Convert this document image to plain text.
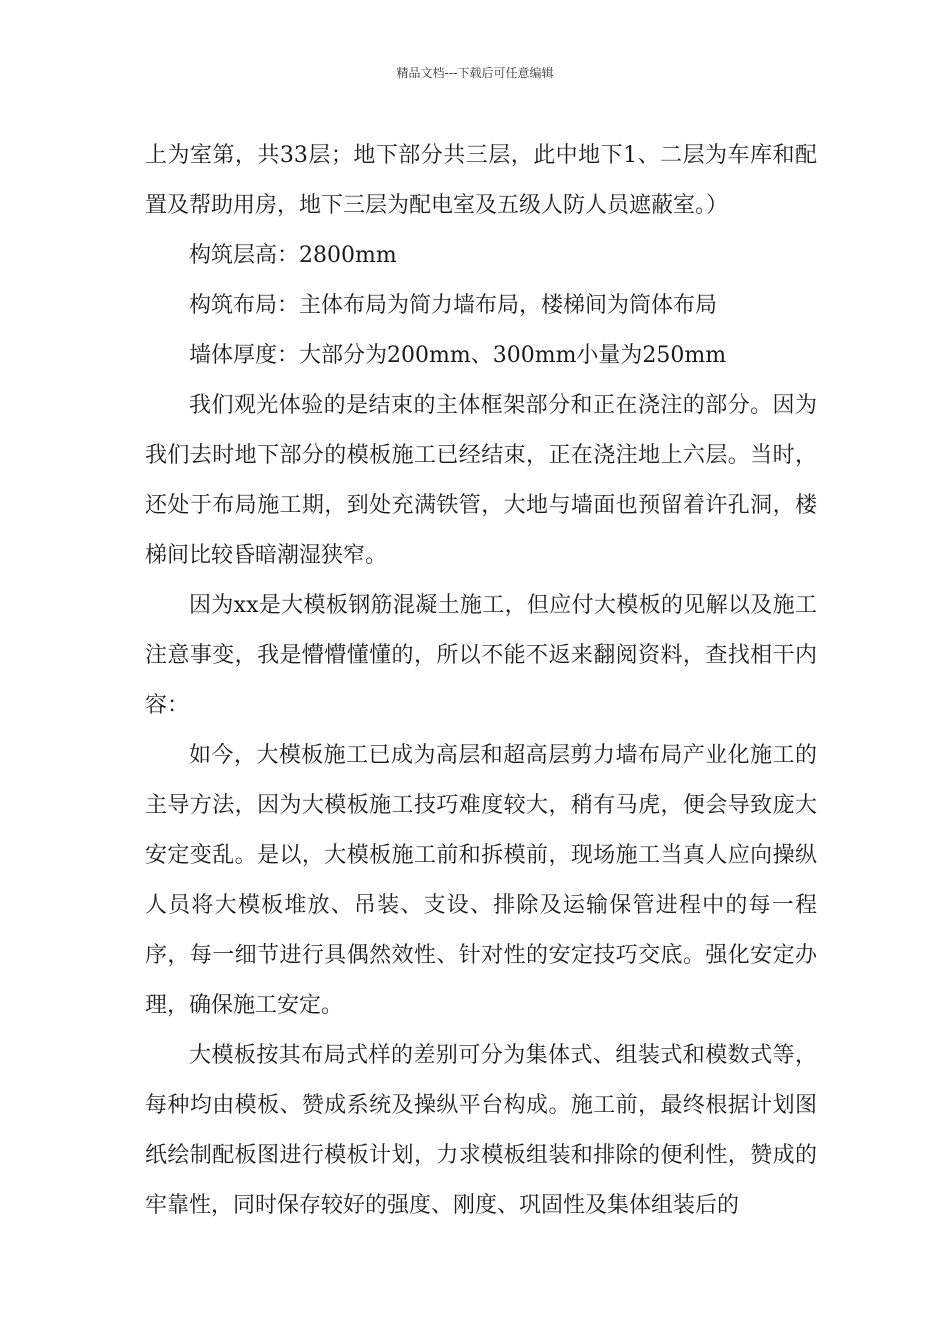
精品文档---下载后可任意编辑

上为室第，共33层；地下部分共三层，此中地下1、二层为车库和配置及帮助用房，地下三层为配电室及五级人防人员遮蔽室。）

构筑层高：2800mm

构筑布局：主体布局为简力墙布局，楼梯间为筒体布局

墙体厚度：大部分为200mm、300mm小量为250mm

我们观光体验的是结束的主体框架部分和正在浇注的部分。因为我们去时地下部分的模板施工已经结束，正在浇注地上六层。当时，还处于布局施工期，到处充满铁管，大地与墙面也预留着许孔洞，楼梯间比较昏暗潮湿狭窄。

因为xx是大模板钢筋混凝土施工，但应付大模板的见解以及施工注意事变，我是懵懵懂懂的，所以不能不返来翻阅资料，查找相干内容：

如今，大模板施工已成为高层和超高层剪力墙布局产业化施工的主导方法，因为大模板施工技巧难度较大，稍有马虎，便会导致庞大安定变乱。是以，大模板施工前和拆模前，现场施工当真人应向操纵人员将大模板堆放、吊装、支设、排除及运输保管进程中的每一程序，每一细节进行具偶然效性、针对性的安定技巧交底。强化安定办理，确保施工安定。

大模板按其布局式样的差别可分为集体式、组装式和模数式等，每种均由模板、赞成系统及操纵平台构成。施工前，最终根据计划图纸绘制配板图进行模板计划，力求模板组装和排除的便利性，赞成的牢靠性，同时保存较好的强度、刚度、巩固性及集体组装后的
